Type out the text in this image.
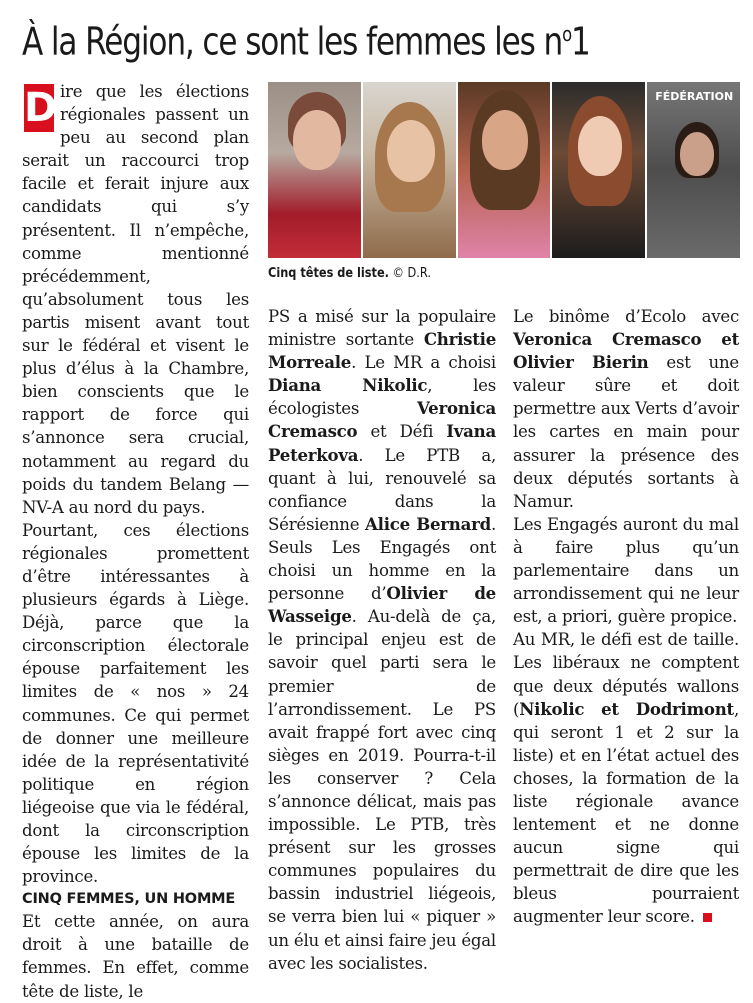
À la Région, ce sont les femmes les $n^o1$
FÉDÉRATION
Cinq têtes de liste. © D.R.

D ire que les élections régionales passent un peu au second plan serait un raccourci trop facile et ferait injure aux candidats qui s’y présentent. Il n’empêche, comme mentionné précédemment, qu’absolument tous les partis misent avant tout sur le fédéral et visent le plus d’élus à la Chambre, bien conscients que le rapport de force qui s’annonce sera crucial, notamment au regard du poids du tandem Belang — NV-A au nord du pays.

Pourtant, ces élections régionales promettent d’être intéressantes à plusieurs égards à Liège. Déjà, parce que la circonscription électorale épouse parfaitement les limites de « nos » 24 communes. Ce qui permet de donner une meilleure idée de la représentativité politique en région liégeoise que via le fédéral, dont la circonscription épouse les limites de la province.

CINQ FEMMES, UN HOMME

Et cette année, on aura droit à une bataille de femmes. En effet, comme tête de liste, le

PS a misé sur la populaire ministre sortante Christie Morreale. Le MR a choisi Diana Nikolic, les écologistes Veronica Cremasco et Défi Ivana Peterkova. Le PTB a, quant à lui, renouvelé sa confiance dans la Sérésienne Alice Bernard. Seuls Les Engagés ont choisi un homme en la personne d’Olivier de Wasseige. Au-delà de ça, le principal enjeu est de savoir quel parti sera le premier de l’arrondissement. Le PS avait frappé fort avec cinq sièges en 2019. Pourra-t-il les conserver ? Cela s’annonce délicat, mais pas impossible. Le PTB, très présent sur les grosses communes populaires du bassin industriel liégeois, se verra bien lui « piquer » un élu et ainsi faire jeu égal avec les socialistes.

Le binôme d’Ecolo avec Veronica Cremasco et Olivier Bierin est une valeur sûre et doit permettre aux Verts d’avoir les cartes en main pour assurer la présence des deux députés sortants à Namur.

Les Engagés auront du mal à faire plus qu’un parlementaire dans un arrondissement qui ne leur est, a priori, guère propice.

Au MR, le défi est de taille. Les libéraux ne comptent que deux députés wallons (Nikolic et Dodrimont, qui seront 1 et 2 sur la liste) et en l’état actuel des choses, la formation de la liste régionale avance lentement et ne donne aucun signe qui permettrait de dire que les bleus pourraient augmenter leur score.
